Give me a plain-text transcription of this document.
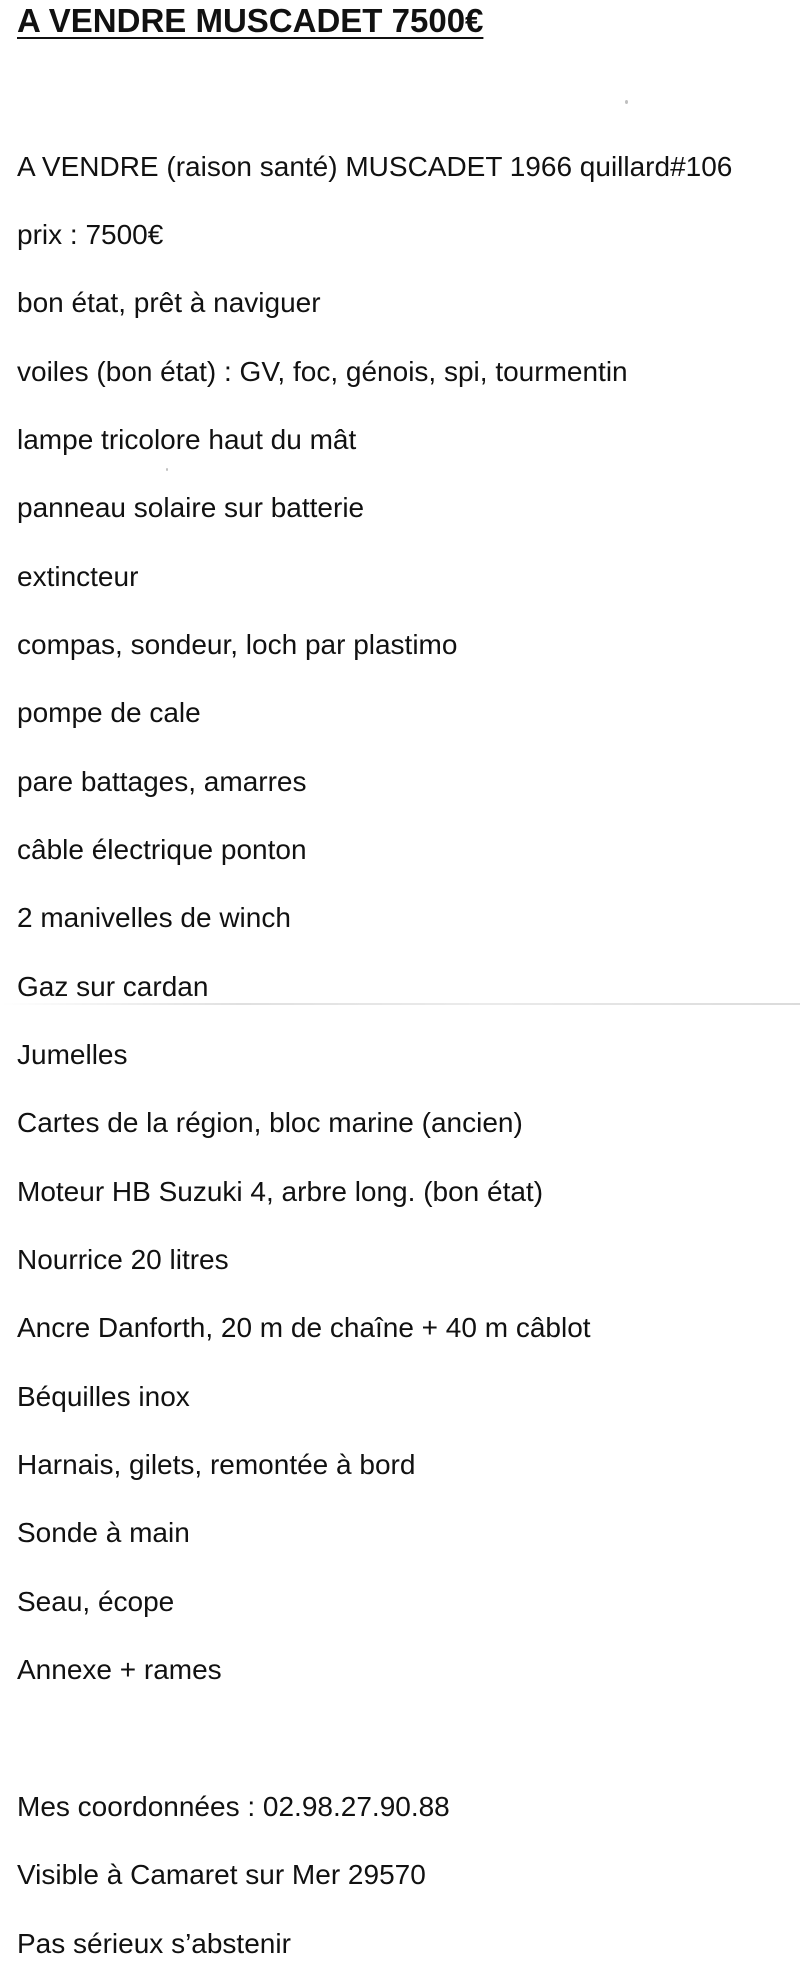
A VENDRE MUSCADET 7500€

A VENDRE (raison santé) MUSCADET 1966 quillard#106

prix : 7500€

bon état, prêt à naviguer

voiles (bon état) : GV, foc, génois, spi, tourmentin

lampe tricolore haut du mât

panneau solaire sur batterie

extincteur

compas, sondeur, loch par plastimo

pompe de cale

pare battages, amarres

câble électrique ponton

2 manivelles de winch

Gaz sur cardan

Jumelles

Cartes de la région, bloc marine (ancien)

Moteur HB Suzuki 4, arbre long. (bon état)

Nourrice 20 litres

Ancre Danforth, 20 m de chaîne + 40 m câblot

Béquilles inox

Harnais, gilets, remontée à bord

Sonde à main

Seau, écope

Annexe + rames

Mes coordonnées : 02.98.27.90.88

Visible à Camaret sur Mer 29570

Pas sérieux s’abstenir
